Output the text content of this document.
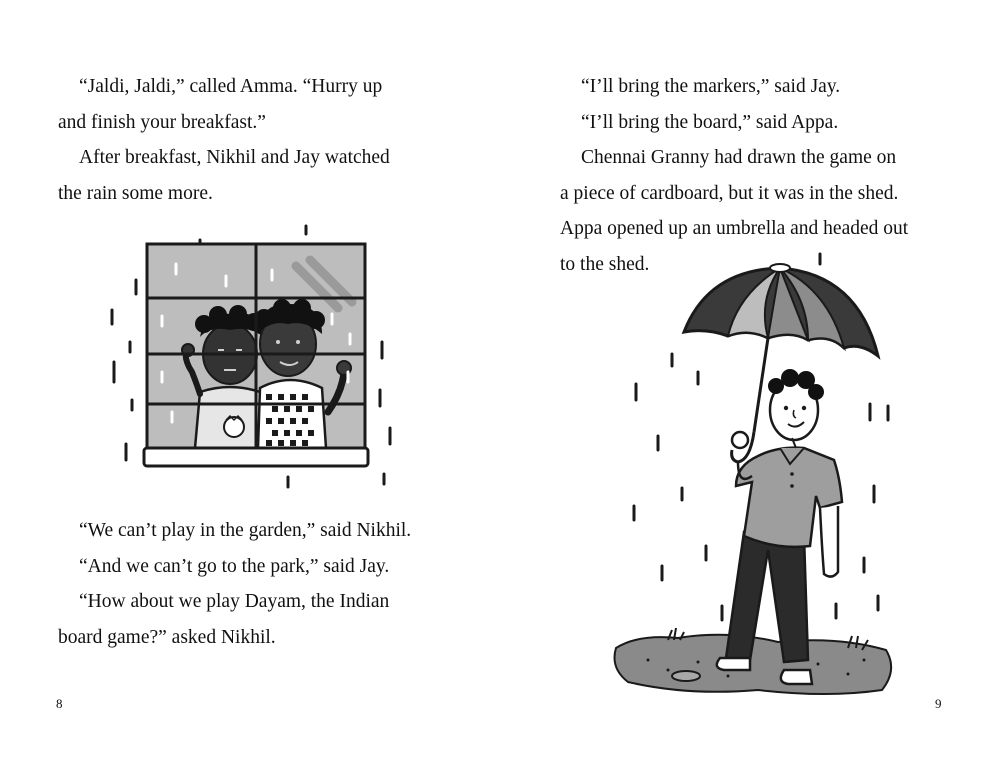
“Jaldi, Jaldi,” called Amma. “Hurry up

and finish your breakfast.”

After breakfast, Nikhil and Jay watched

the rain some more.

“We can’t play in the garden,” said Nikhil.

“And we can’t go to the park,” said Jay.

“How about we play Dayam, the Indian

board game?” asked Nikhil.

8

“I’ll bring the markers,” said Jay.

“I’ll bring the board,” said Appa.

Chennai Granny had drawn the game on

a piece of cardboard, but it was in the shed.

Appa opened up an umbrella and headed out

to the shed.

9
